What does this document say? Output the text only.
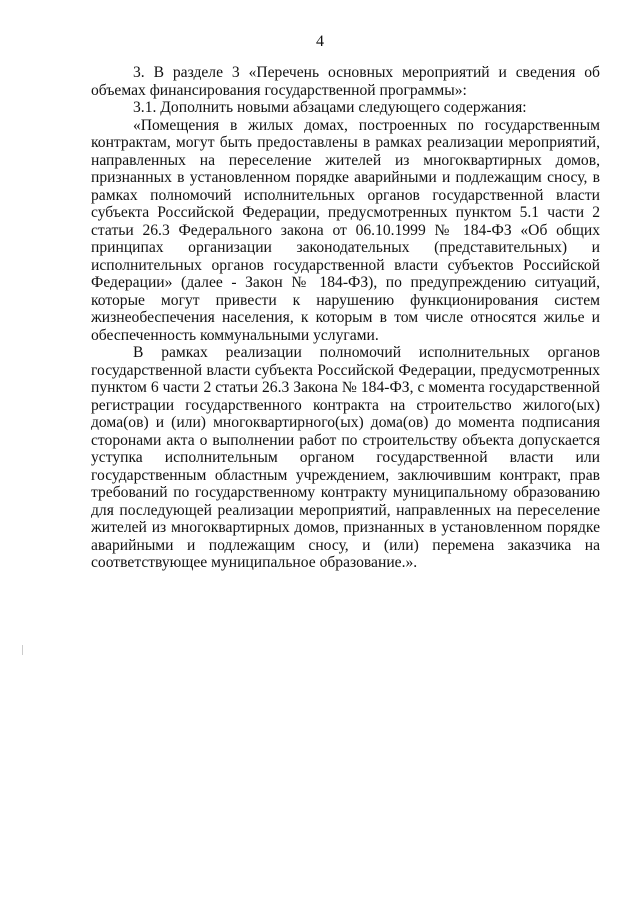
4
3. В разделе 3 «Перечень основных мероприятий и сведения об
объемах финансирования государственной программы»:
3.1. Дополнить новыми абзацами следующего содержания:
«Помещения в жилых домах, построенных по государственным
контрактам, могут быть предоставлены в рамках реализации мероприятий,
направленных на переселение жителей из многоквартирных домов,
признанных в установленном порядке аварийными и подлежащим сносу, в
рамках полномочий исполнительных органов государственной власти
субъекта Российской Федерации, предусмотренных пунктом 5.1 части 2
статьи 26.3 Федерального закона от 06.10.1999 № 184-ФЗ «Об общих
принципах организации законодательных (представительных) и
исполнительных органов государственной власти субъектов Российской
Федерации» (далее - Закон № 184-ФЗ), по предупреждению ситуаций,
которые могут привести к нарушению функционирования систем
жизнеобеспечения населения, к которым в том числе относятся жилье и
обеспеченность коммунальными услугами.
В рамках реализации полномочий исполнительных органов
государственной власти субъекта Российской Федерации, предусмотренных
пунктом 6 части 2 статьи 26.3 Закона № 184-ФЗ, с момента государственной
регистрации государственного контракта на строительство жилого(ых)
дома(ов) и (или) многоквартирного(ых) дома(ов) до момента подписания
сторонами акта о выполнении работ по строительству объекта допускается
уступка исполнительным органом государственной власти или
государственным областным учреждением, заключившим контракт, прав
требований по государственному контракту муниципальному образованию
для последующей реализации мероприятий, направленных на переселение
жителей из многоквартирных домов, признанных в установленном порядке
аварийными и подлежащим сносу, и (или) перемена заказчика на
соответствующее муниципальное образование.».
